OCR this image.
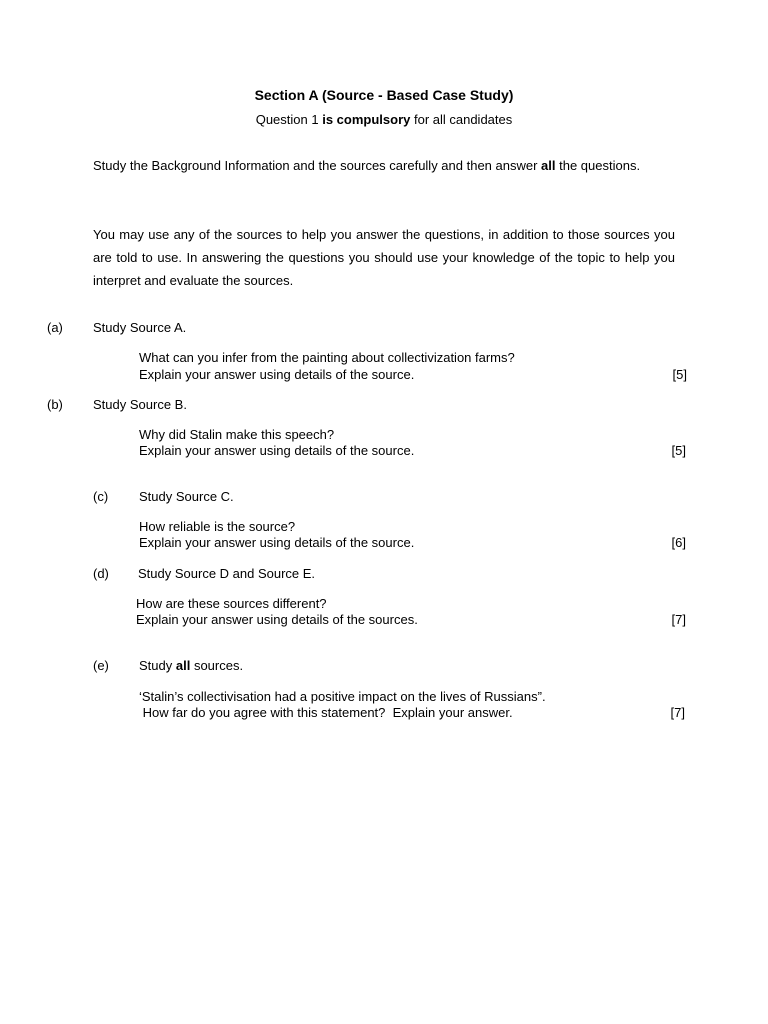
Section A (Source - Based Case Study)
Question 1 is compulsory for all candidates
Study the Background Information and the sources carefully and then answer all the questions.
You may use any of the sources to help you answer the questions, in addition to those sources you are told to use. In answering the questions you should use your knowledge of the topic to help you interpret and evaluate the sources.
(a) Study Source A.
What can you infer from the painting about collectivization farms?
Explain your answer using details of the source.	[5]
(b) Study Source B.
Why did Stalin make this speech?
Explain your answer using details of the source.	[5]
(c) Study Source C.
How reliable is the source?
Explain your answer using details of the source.	[6]
(d) Study Source D and Source E.
How are these sources different?
Explain your answer using details of the sources.	[7]
(e) Study all sources.
‘Stalin’s collectivisation had a positive impact on the lives of Russians”.
How far do you agree with this statement?  Explain your answer.	[7]
